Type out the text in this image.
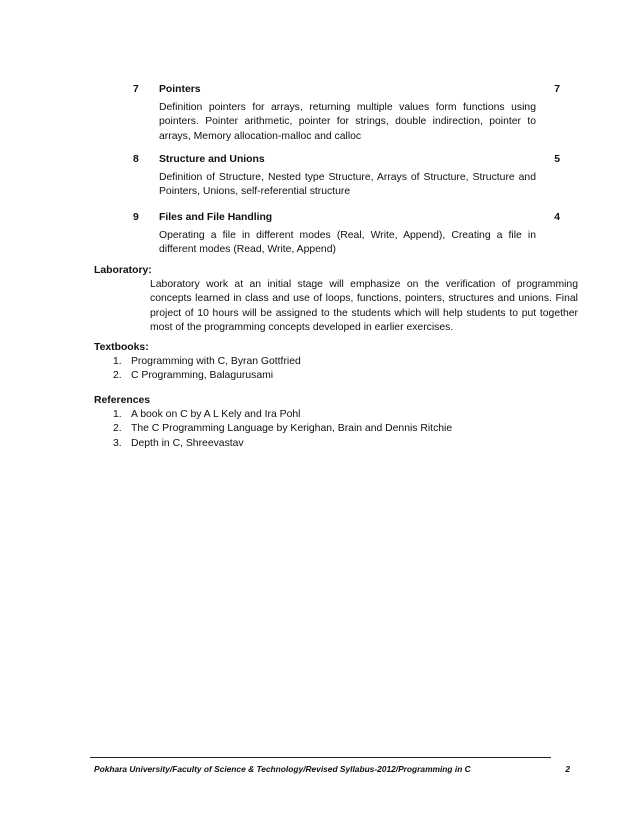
7 Pointers	7
Definition pointers for arrays, returning multiple values form functions using pointers. Pointer arithmetic, pointer for strings, double indirection, pointer to arrays, Memory allocation-malloc and calloc
8 Structure and Unions	5
Definition of Structure, Nested type Structure, Arrays of Structure, Structure and Pointers, Unions, self-referential structure
9 Files and File Handling	4
Operating a file in different modes (Real, Write, Append), Creating a file in different modes (Read, Write, Append)
Laboratory:
Laboratory work at an initial stage will emphasize on the verification of programming concepts learned in class and use of loops, functions, pointers, structures and unions. Final project of 10 hours will be assigned to the students which will help students to put together most of the programming concepts developed in earlier exercises.
Textbooks:
1. Programming with C, Byran Gottfried
2. C Programming, Balagurusami
References
1. A book on C by A L Kely and Ira Pohl
2. The C Programming Language by Kerighan, Brain and Dennis Ritchie
3. Depth in C, Shreevastav
Pokhara University/Faculty of Science & Technology/Revised Syllabus-2012/Programming in C	2
